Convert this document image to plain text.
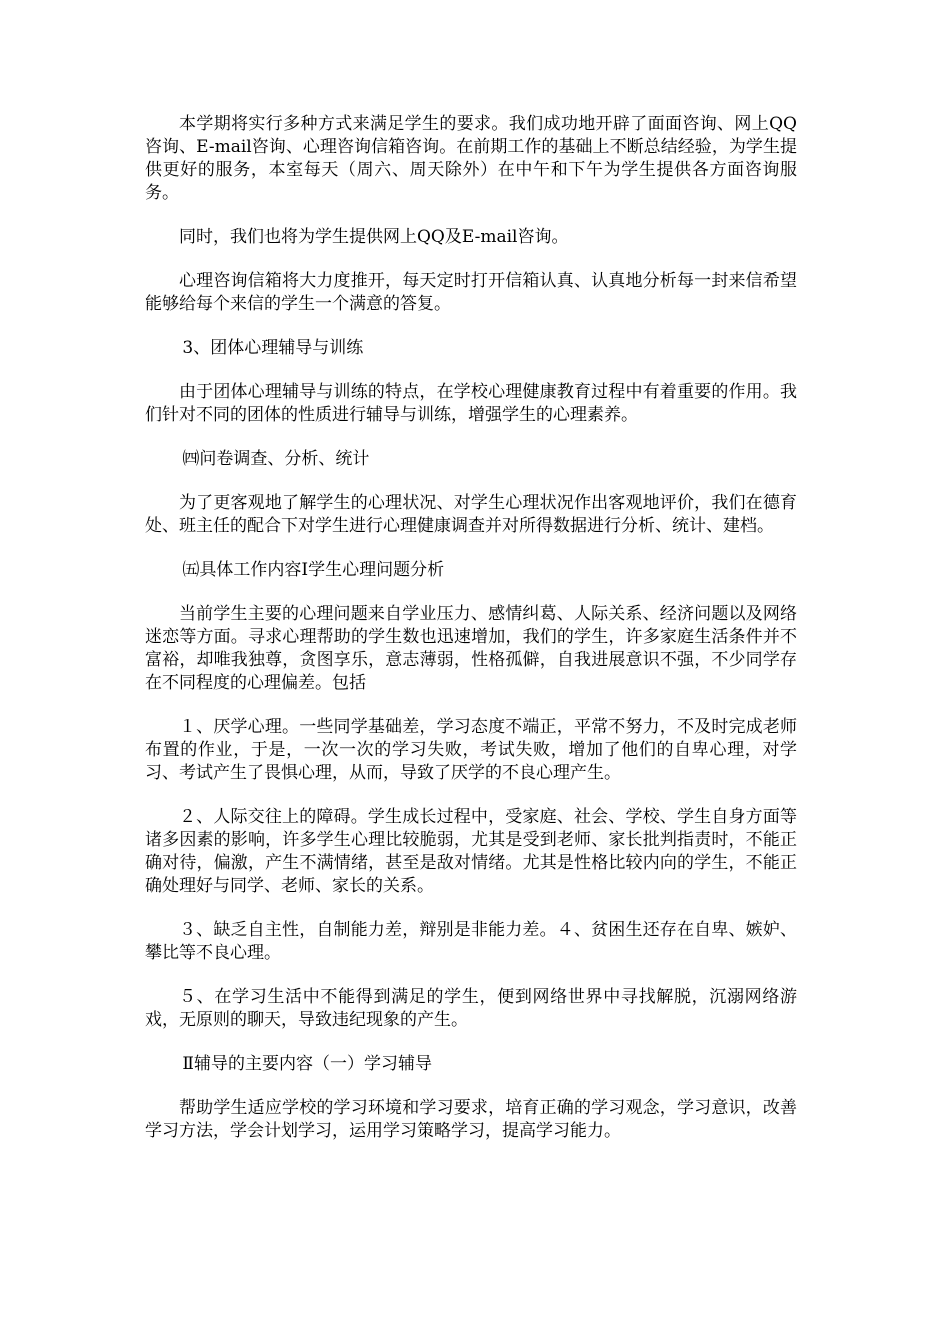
本学期将实行多种方式来满足学生的要求。我们成功地开辟了面面咨询、网上QQ咨询、E-mail咨询、心理咨询信箱咨询。在前期工作的基础上不断总结经验，为学生提供更好的服务，本室每天（周六、周天除外）在中午和下午为学生提供各方面咨询服务。

同时，我们也将为学生提供网上QQ及E-mail咨询。

心理咨询信箱将大力度推开，每天定时打开信箱认真、认真地分析每一封来信希望能够给每个来信的学生一个满意的答复。

3、团体心理辅导与训练

由于团体心理辅导与训练的特点，在学校心理健康教育过程中有着重要的作用。我们针对不同的团体的性质进行辅导与训练，增强学生的心理素养。

㈣问卷调查、分析、统计

为了更客观地了解学生的心理状况、对学生心理状况作出客观地评价，我们在德育处、班主任的配合下对学生进行心理健康调查并对所得数据进行分析、统计、建档。

㈤具体工作内容Ⅰ学生心理问题分析

当前学生主要的心理问题来自学业压力、感情纠葛、人际关系、经济问题以及网络迷恋等方面。寻求心理帮助的学生数也迅速增加，我们的学生，许多家庭生活条件并不富裕，却唯我独尊，贪图享乐，意志薄弱，性格孤僻，自我进展意识不强，不少同学存在不同程度的心理偏差。包括

１、厌学心理。一些同学基础差，学习态度不端正，平常不努力，不及时完成老师布置的作业，于是，一次一次的学习失败，考试失败，增加了他们的自卑心理，对学习、考试产生了畏惧心理，从而，导致了厌学的不良心理产生。

２、人际交往上的障碍。学生成长过程中，受家庭、社会、学校、学生自身方面等诸多因素的影响，许多学生心理比较脆弱，尤其是受到老师、家长批判指责时，不能正确对待，偏激，产生不满情绪，甚至是敌对情绪。尤其是性格比较内向的学生，不能正确处理好与同学、老师、家长的关系。

３、缺乏自主性，自制能力差，辩别是非能力差。４、贫困生还存在自卑、嫉妒、攀比等不良心理。

５、在学习生活中不能得到满足的学生，便到网络世界中寻找解脱，沉溺网络游戏，无原则的聊天，导致违纪现象的产生。

Ⅱ辅导的主要内容（一）学习辅导

帮助学生适应学校的学习环境和学习要求，培育正确的学习观念，学习意识，改善学习方法，学会计划学习，运用学习策略学习，提高学习能力。
